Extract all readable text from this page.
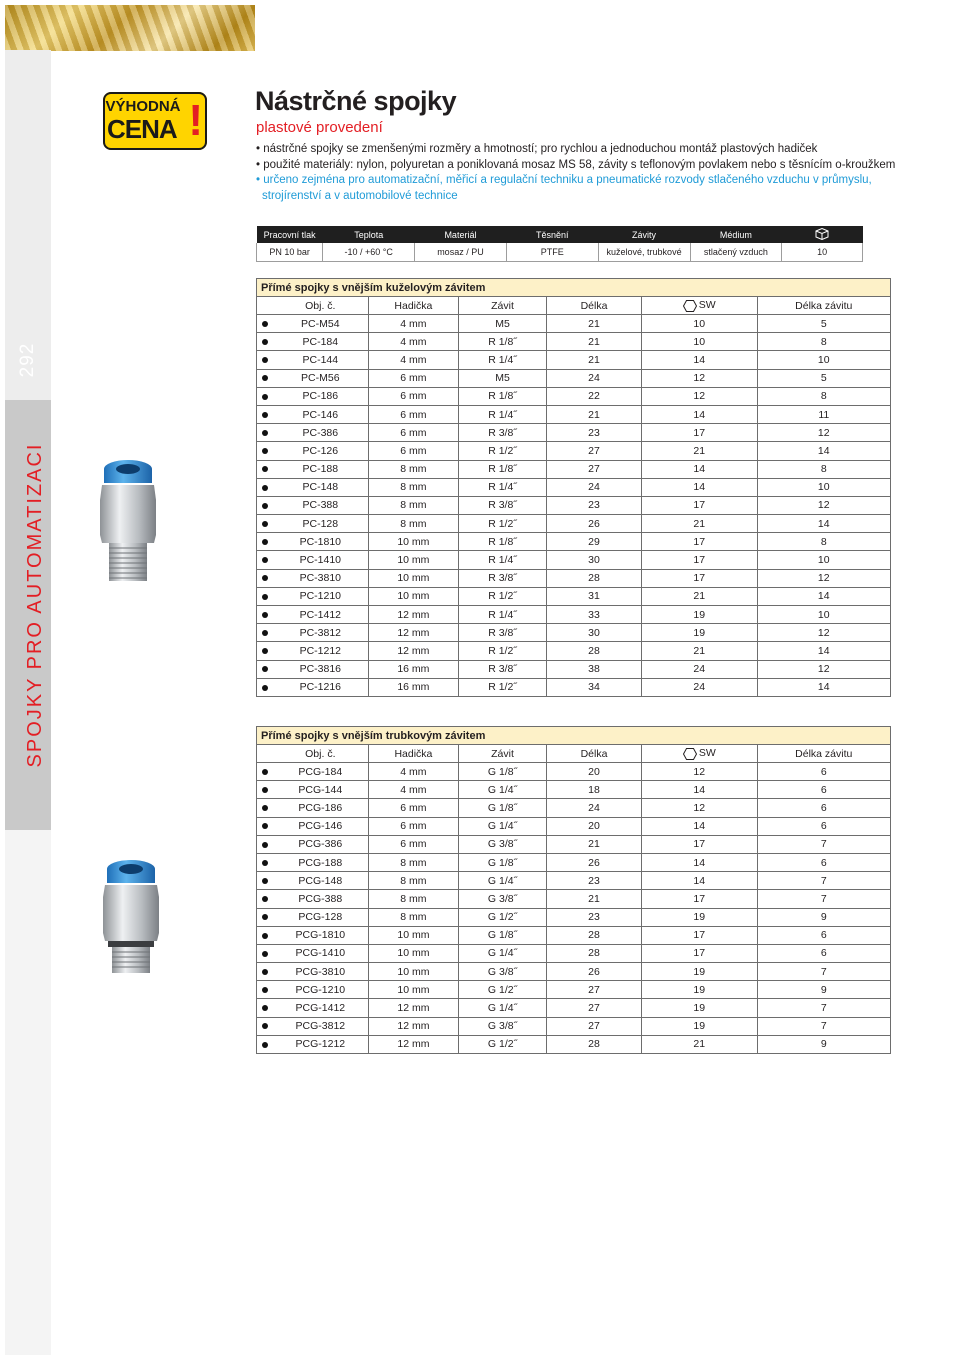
292
SPOJKY PRO AUTOMATIZACI
VÝHODNÁ
CENA ! Nástrčné spojky
plastové provedení
• nástrčné spojky se zmenšenými rozměry a hmotností; pro rychlou a jednoduchou montáž plastových hadiček
• použité materiály: nylon, polyuretan a poniklovaná mosaz MS 58, závity s teflonovým povlakem nebo s těsnícím o-kroužkem
• určeno zejména pro automatizační, měřicí a regulační techniku a pneumatické rozvody stlačeného vzduchu v průmyslu,
strojírenství a v automobilové technice
Pracovní tlak	Teplota	Materiál	Těsnění	Závity	Médium	
PN 10 bar	-10 / +60 °C	mosaz / PU	PTFE	kuželové, trubkové	stlačený vzduch	10
Přímé spojky s vnějším kuželovým závitem						
	Obj. č.	Hadička	Závit	Délka	SW	Délka závitu
	PC-M54	4 mm	M5	21	10	5
	PC-184	4 mm	R 1/8˝	21	10	8
	PC-144	4 mm	R 1/4˝	21	14	10
	PC-M56	6 mm	M5	24	12	5
	PC-186	6 mm	R 1/8˝	22	12	8
	PC-146	6 mm	R 1/4˝	21	14	11
	PC-386	6 mm	R 3/8˝	23	17	12
	PC-126	6 mm	R 1/2˝	27	21	14
	PC-188	8 mm	R 1/8˝	27	14	8
	PC-148	8 mm	R 1/4˝	24	14	10
	PC-388	8 mm	R 3/8˝	23	17	12
	PC-128	8 mm	R 1/2˝	26	21	14
	PC-1810	10 mm	R 1/8˝	29	17	8
	PC-1410	10 mm	R 1/4˝	30	17	10
	PC-3810	10 mm	R 3/8˝	28	17	12
	PC-1210	10 mm	R 1/2˝	31	21	14
	PC-1412	12 mm	R 1/4˝	33	19	10
	PC-3812	12 mm	R 3/8˝	30	19	12
	PC-1212	12 mm	R 1/2˝	28	21	14
	PC-3816	16 mm	R 3/8˝	38	24	12
	PC-1216	16 mm	R 1/2˝	34	24	14
Přímé spojky s vnějším trubkovým závitem						
	Obj. č.	Hadička	Závit	Délka	SW	Délka závitu
	PCG-184	4 mm	G 1/8˝	20	12	6
	PCG-144	4 mm	G 1/4˝	18	14	6
	PCG-186	6 mm	G 1/8˝	24	12	6
	PCG-146	6 mm	G 1/4˝	20	14	6
	PCG-386	6 mm	G 3/8˝	21	17	7
	PCG-188	8 mm	G 1/8˝	26	14	6
	PCG-148	8 mm	G 1/4˝	23	14	7
	PCG-388	8 mm	G 3/8˝	21	17	7
	PCG-128	8 mm	G 1/2˝	23	19	9
	PCG-1810	10 mm	G 1/8˝	28	17	6
	PCG-1410	10 mm	G 1/4˝	28	17	6
	PCG-3810	10 mm	G 3/8˝	26	19	7
	PCG-1210	10 mm	G 1/2˝	27	19	9
	PCG-1412	12 mm	G 1/4˝	27	19	7
	PCG-3812	12 mm	G 3/8˝	27	19	7
	PCG-1212	12 mm	G 1/2˝	28	21	9
